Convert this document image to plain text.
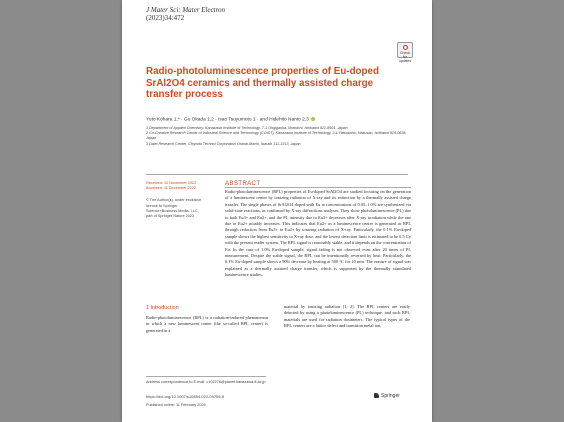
J Mater Sci: Mater Electron
(2023)34:472
Check for updates
Radio-photoluminescence properties of Eu-doped SrAl2O4 ceramics and thermally assisted charge transfer process
Yuto Kohara 1,* · Go Okada 1,2 · Isao Tsuyumoto 1 · and Hidehito Nanto 2,3
1 Department of Applied Chemistry, Kanazawa Institute of Technology, 7-1 Ohgigaoka, Nonoichi, Ishikawa 921-8501, Japan
2 Co-Creative Research Center of Industrial Science and Technology (COIST), Kanazawa Institute of Technology, 3-1 Yatsukaho, Hakusan, Ishikawa 924-0838, Japan
3 Daiei Research Center, Chiyoda Technol Corporation Ooarai-Machi, Ibaraki 311-1313, Japan
Received: 10 November 2022
Accepted: 11 December 2022
© The Author(s), under exclusive licence to Springer Science+Business Media, LLC, part of Springer Nature 2023
ABSTRACT
Radio-photoluminescence (RPL) properties of Eu-doped SrAl2O4 are studied focusing on the generation of a luminescent center by ionizing radiation of X-ray and its extinction by a thermally assisted charge transfer. The single phases of SrAl2O4 doped with Eu at concentrations of 0.05–1.0% are synthesized via solid-state reactions, as confirmed by X-ray diffractions analyses. They show photoluminescence (PL) due to both Eu3+ and Eu2+, and the PL intensity due to Eu3+ decreases after X-ray irradiation while the one due to Eu2+ notably increases. This indicates that Eu2+ as a luminescence center is generated as RPL through reduction from Eu3+ to Eu2+ by ionizing radiation of X-ray. Particularly, the 0.1% Eu-doped sample shows the highest sensitivity to X-ray dose, and the lowest detection limit is estimated to be 0.5 Gy with the present reader system. The RPL signal is reasonably stable, and it depends on the concentration of Eu. In the case of 1.0% Eu-doped sample, signal fading is not observed even after 20 times of PL measurement. Despite the stable signal, the RPL can be intentionally reversed by heat. Particularly, the 0.1% Eu-doped sample shows a 90% decrease by heating at 500 °C for 10 min. The erasure of signal was explained as a thermally assisted charge transfer, which is supported by the thermally stimulated luminescence studies.
1 Introduction
Radio-photoluminescence (RPL) is a radiation-induced phenomenon in which a new luminescent center (the so-called RPL center) is generated in a
material by ionizing radiation [1, 2]. The RPL centers are easily detected by using a photoluminescence (PL) technique, and such RPL materials are used for radiation dosimeters. The typical types of the RPL centers are a lattice defect and transition metal ion,
Address correspondence to E-mail: c102276@planet.kanazawa-it.ac.jp
https://doi.org/10.1007/s10854-022-09759-5
Published online: 11 February 2023
Springer
